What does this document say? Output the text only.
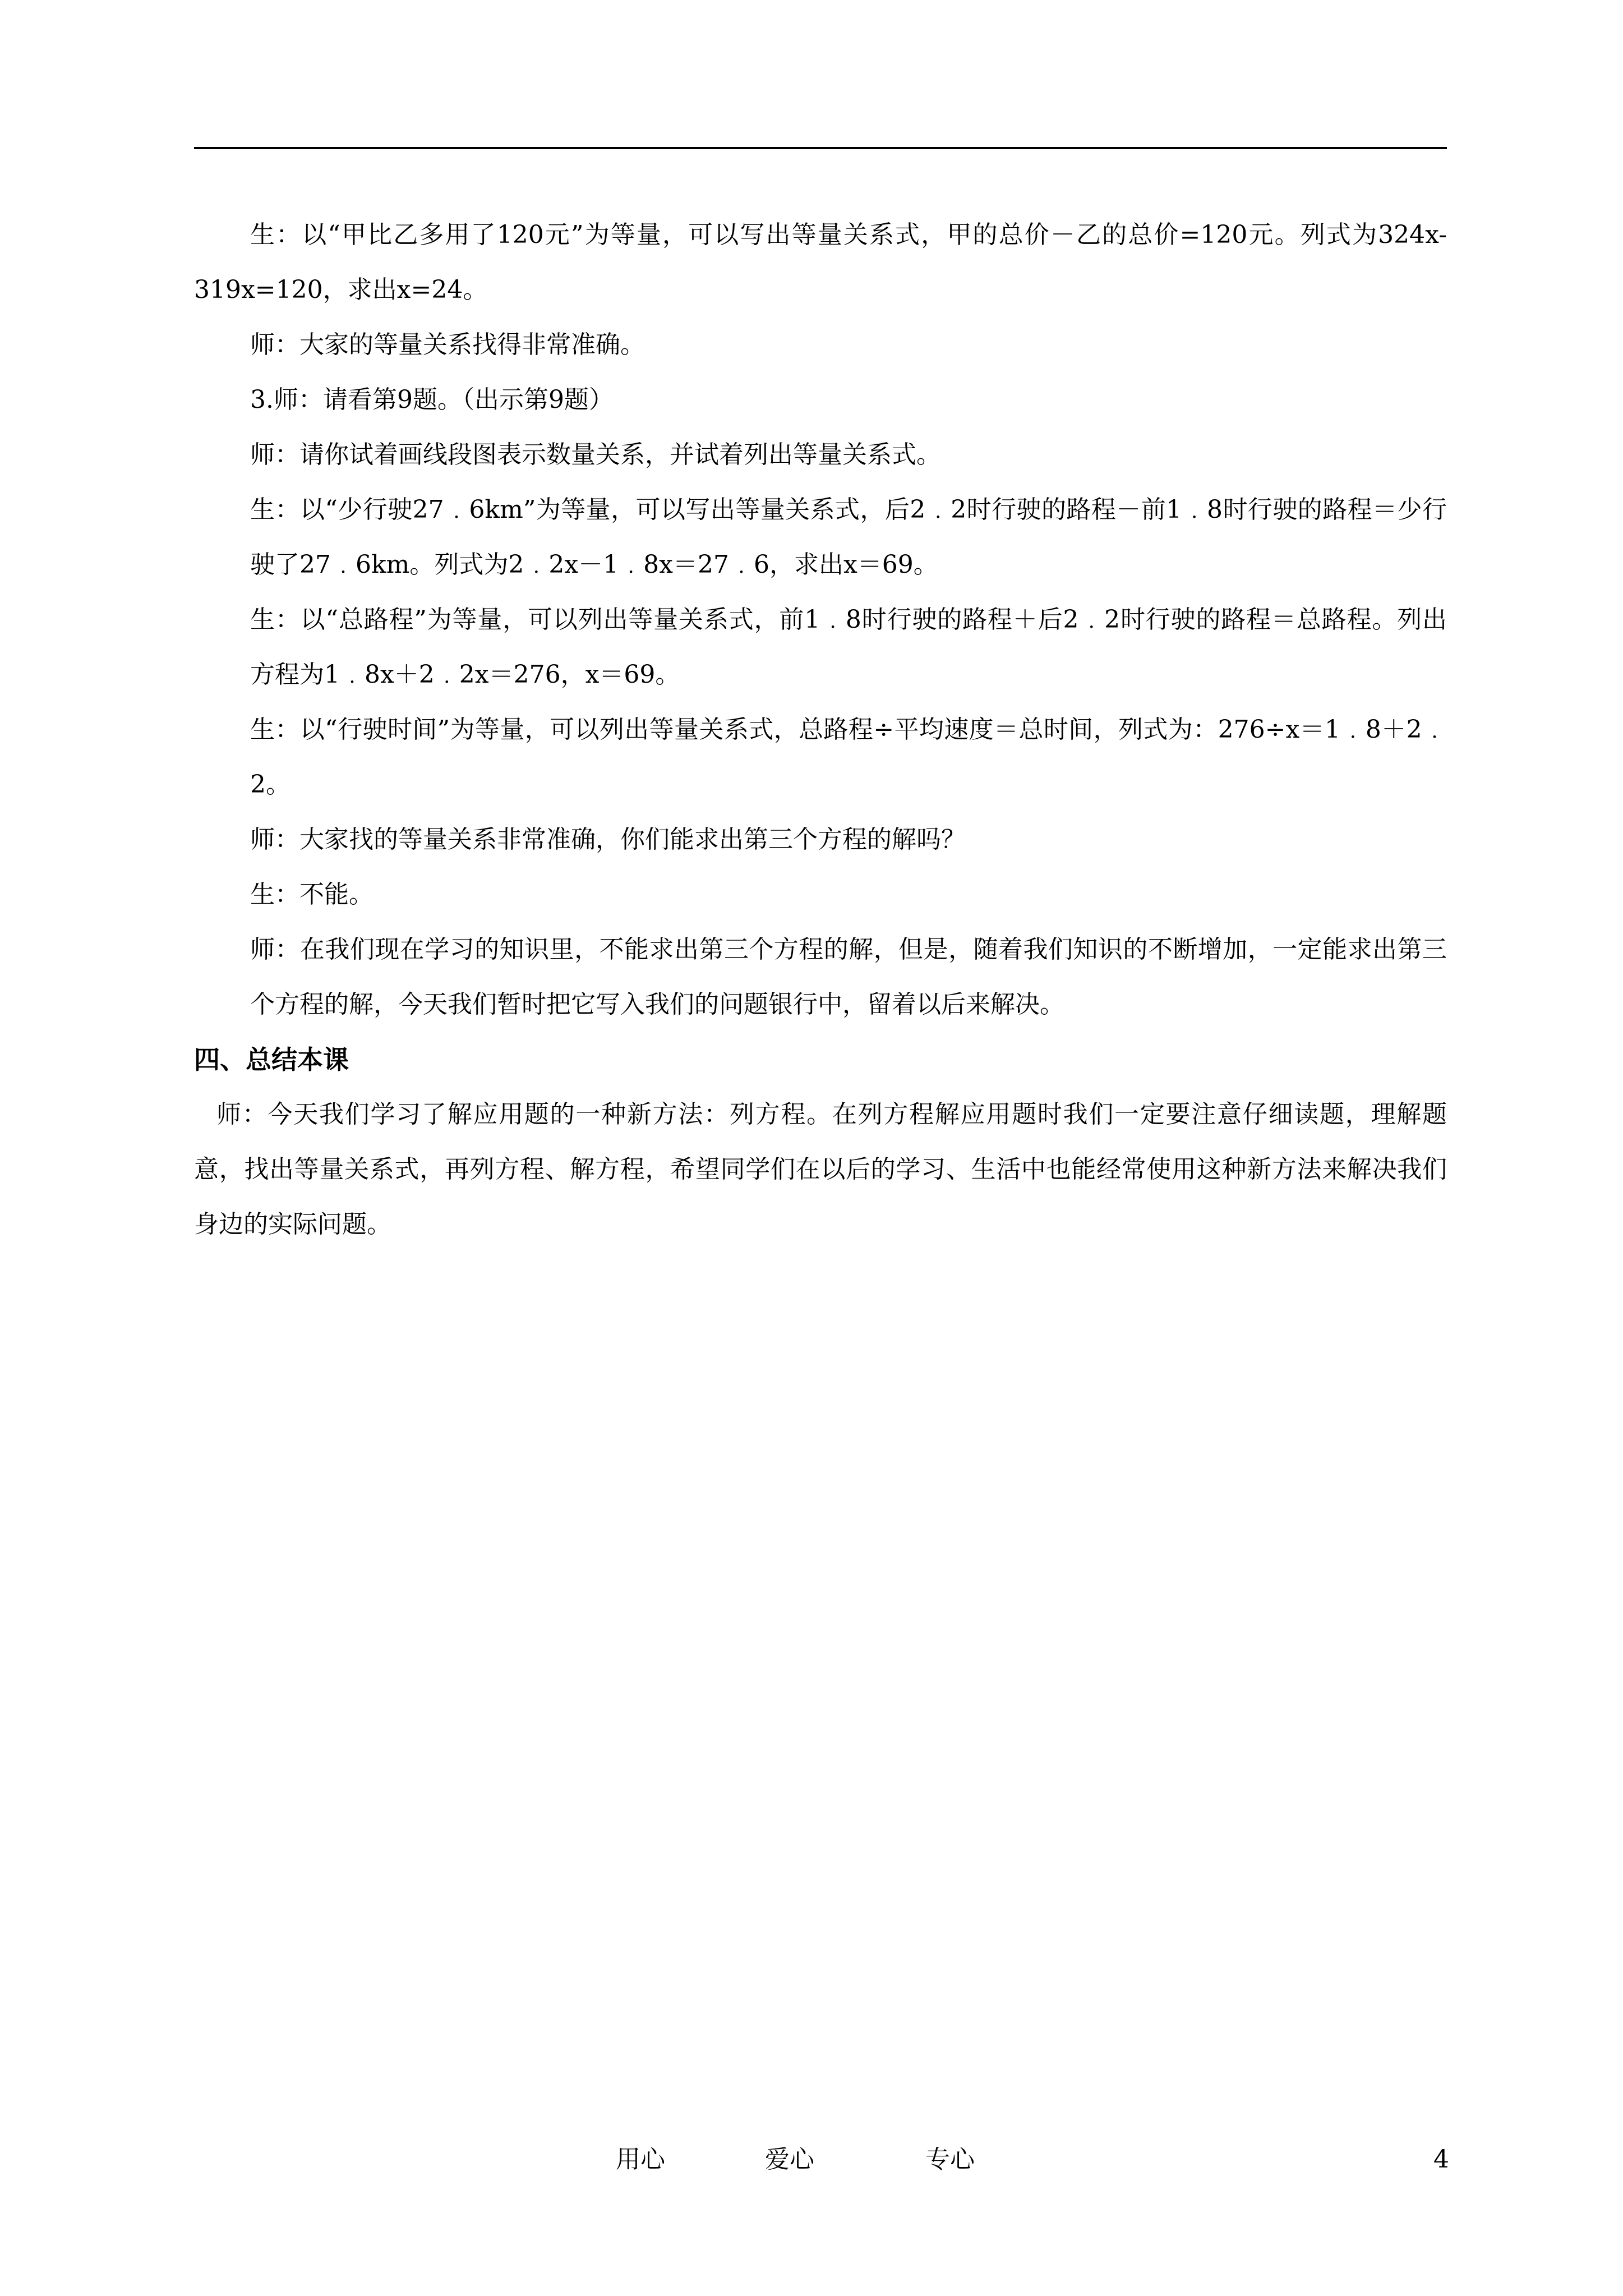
生：以“甲比乙多用了120元”为等量，可以写出等量关系式，甲的总价－乙的总价=120元。列式为324x-319x=120，求出x=24。

师：大家的等量关系找得非常准确。

3.师：请看第9题。（出示第9题）

师：请你试着画线段图表示数量关系，并试着列出等量关系式。

生：以“少行驶27﹒6km”为等量，可以写出等量关系式，后2﹒2时行驶的路程－前1﹒8时行驶的路程＝少行驶了27﹒6km。列式为2﹒2x－1﹒8x＝27﹒6，求出x＝69。

生：以“总路程”为等量，可以列出等量关系式，前1﹒8时行驶的路程＋后2﹒2时行驶的路程＝总路程。列出方程为1﹒8x＋2﹒2x＝276，x＝69。

生：以“行驶时间”为等量，可以列出等量关系式，总路程÷平均速度＝总时间，列式为：276÷x＝1﹒8＋2﹒2。

师：大家找的等量关系非常准确，你们能求出第三个方程的解吗？

生：不能。

师：在我们现在学习的知识里，不能求出第三个方程的解，但是，随着我们知识的不断增加，一定能求出第三个方程的解，今天我们暂时把它写入我们的问题银行中，留着以后来解决。

四、总结本课

师：今天我们学习了解应用题的一种新方法：列方程。在列方程解应用题时我们一定要注意仔细读题，理解题意，找出等量关系式，再列方程、解方程，希望同学们在以后的学习、生活中也能经常使用这种新方法来解决我们身边的实际问题。

用心	爱心	专心	4
